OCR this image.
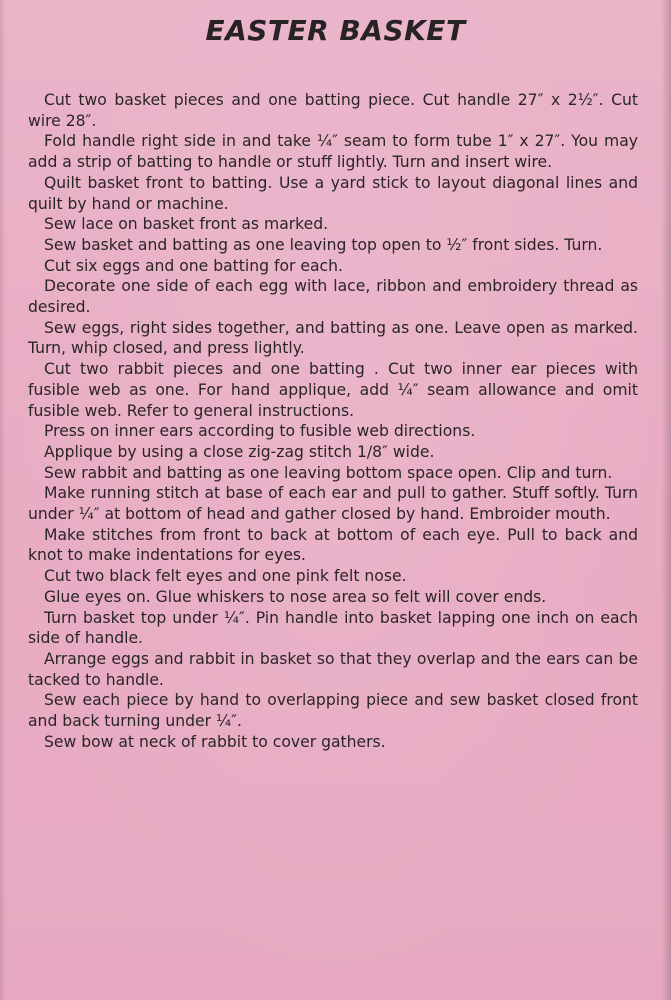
EASTER BASKET

Cut two basket pieces and one batting piece. Cut handle 27″ x 2½″. Cut wire 28″.

Fold handle right side in and take ¼″ seam to form tube 1″ x 27″. You may add a strip of batting to handle or stuff lightly. Turn and insert wire.

Quilt basket front to batting. Use a yard stick to layout diagonal lines and quilt by hand or machine.

Sew lace on basket front as marked.

Sew basket and batting as one leaving top open to ½″ front sides. Turn.

Cut six eggs and one batting for each.

Decorate one side of each egg with lace, ribbon and embroidery thread as desired.

Sew eggs, right sides together, and batting as one. Leave open as marked. Turn, whip closed, and press lightly.

Cut two rabbit pieces and one batting . Cut two inner ear pieces with fusible web as one. For hand applique, add ¼″ seam allowance and omit fusible web. Refer to general instructions.

Press on inner ears according to fusible web directions.

Applique by using a close zig-zag stitch 1/8″ wide.

Sew rabbit and batting as one leaving bottom space open. Clip and turn.

Make running stitch at base of each ear and pull to gather. Stuff softly. Turn under ¼″ at bottom of head and gather closed by hand. Embroider mouth.

Make stitches from front to back at bottom of each eye. Pull to back and knot to make indentations for eyes.

Cut two black felt eyes and one pink felt nose.

Glue eyes on. Glue whiskers to nose area so felt will cover ends.

Turn basket top under ¼″. Pin handle into basket lapping one inch on each side of handle.

Arrange eggs and rabbit in basket so that they overlap and the ears can be tacked to handle.

Sew each piece by hand to overlapping piece and sew basket closed front and back turning under ¼″.

Sew bow at neck of rabbit to cover gathers.
